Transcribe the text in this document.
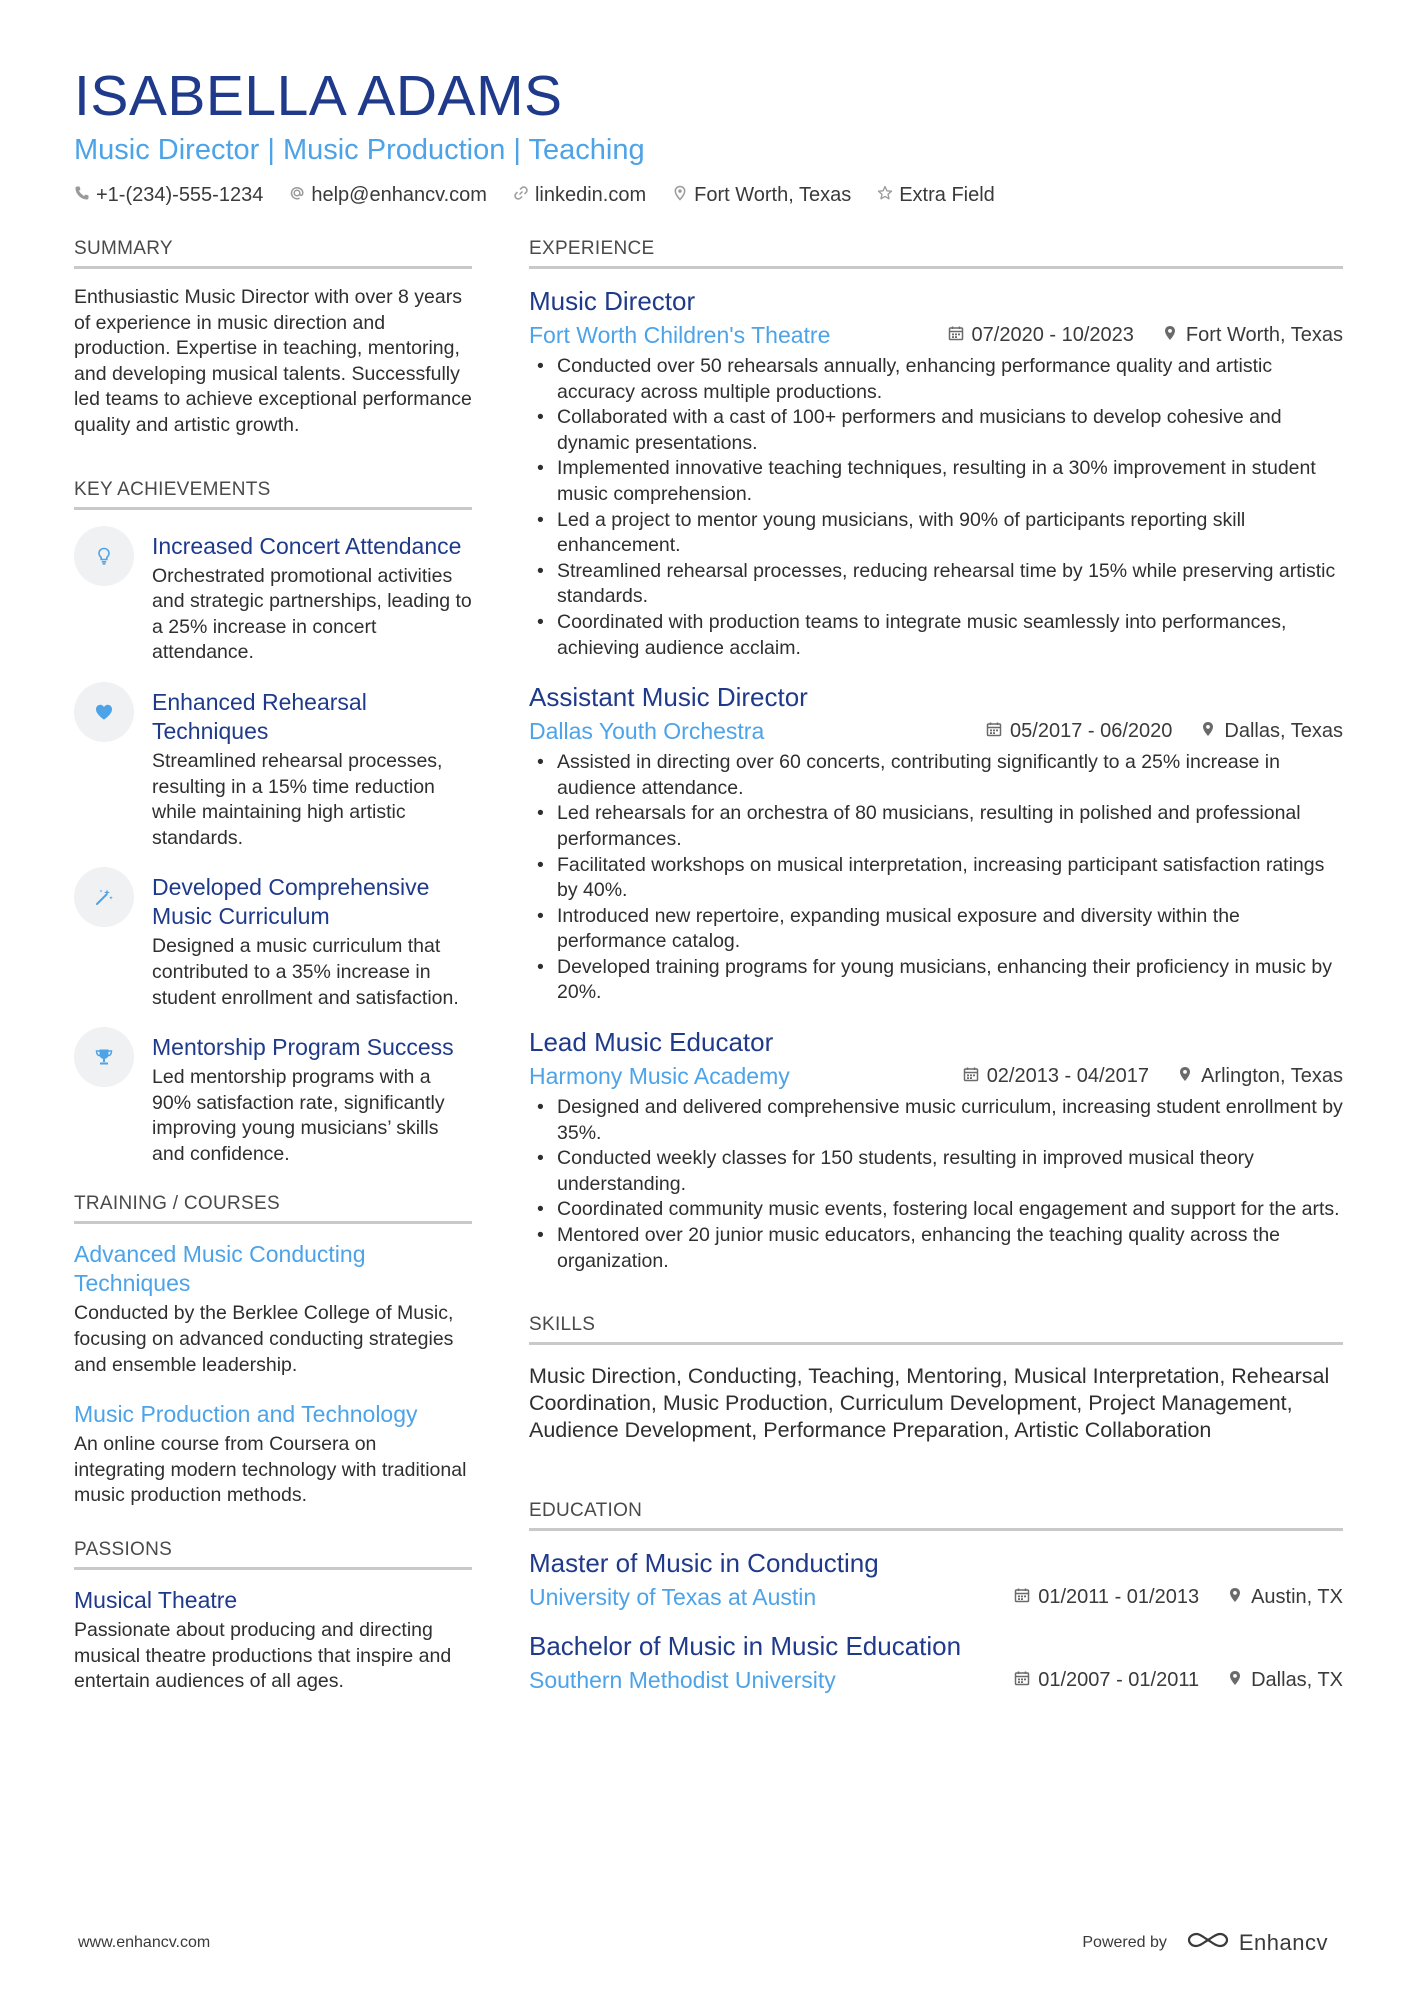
ISABELLA ADAMS
Music Director | Music Production | Teaching
+1-(234)-555-1234 help@enhancv.com linkedin.com Fort Worth, Texas Extra Field
SUMMARY
Enthusiastic Music Director with over 8 years of experience in music direction and production. Expertise in teaching, mentoring, and developing musical talents. Successfully led teams to achieve exceptional performance quality and artistic growth.
KEY ACHIEVEMENTS
Increased Concert Attendance
Orchestrated promotional activities and strategic partnerships, leading to a 25% increase in concert attendance.
Enhanced Rehearsal Techniques
Streamlined rehearsal processes, resulting in a 15% time reduction while maintaining high artistic standards.
Developed Comprehensive Music Curriculum
Designed a music curriculum that contributed to a 35% increase in student enrollment and satisfaction.
Mentorship Program Success
Led mentorship programs with a 90% satisfaction rate, significantly improving young musicians’ skills and confidence.
TRAINING / COURSES
Advanced Music Conducting Techniques
Conducted by the Berklee College of Music, focusing on advanced conducting strategies and ensemble leadership.
Music Production and Technology
An online course from Coursera on integrating modern technology with traditional music production methods.
PASSIONS
Musical Theatre
Passionate about producing and directing musical theatre productions that inspire and entertain audiences of all ages.
EXPERIENCE
Music Director
Fort Worth Children's Theatre	07/2020 - 10/2023	Fort Worth, Texas
• Conducted over 50 rehearsals annually, enhancing performance quality and artistic accuracy across multiple productions.
• Collaborated with a cast of 100+ performers and musicians to develop cohesive and dynamic presentations.
• Implemented innovative teaching techniques, resulting in a 30% improvement in student music comprehension.
• Led a project to mentor young musicians, with 90% of participants reporting skill enhancement.
• Streamlined rehearsal processes, reducing rehearsal time by 15% while preserving artistic standards.
• Coordinated with production teams to integrate music seamlessly into performances, achieving audience acclaim.
Assistant Music Director
Dallas Youth Orchestra	05/2017 - 06/2020	Dallas, Texas
• Assisted in directing over 60 concerts, contributing significantly to a 25% increase in audience attendance.
• Led rehearsals for an orchestra of 80 musicians, resulting in polished and professional performances.
• Facilitated workshops on musical interpretation, increasing participant satisfaction ratings by 40%.
• Introduced new repertoire, expanding musical exposure and diversity within the performance catalog.
• Developed training programs for young musicians, enhancing their proficiency in music by 20%.
Lead Music Educator
Harmony Music Academy	02/2013 - 04/2017	Arlington, Texas
• Designed and delivered comprehensive music curriculum, increasing student enrollment by 35%.
• Conducted weekly classes for 150 students, resulting in improved musical theory understanding.
• Coordinated community music events, fostering local engagement and support for the arts.
• Mentored over 20 junior music educators, enhancing the teaching quality across the organization.
SKILLS
Music Direction, Conducting, Teaching, Mentoring, Musical Interpretation, Rehearsal Coordination, Music Production, Curriculum Development, Project Management, Audience Development, Performance Preparation, Artistic Collaboration
EDUCATION
Master of Music in Conducting
University of Texas at Austin	01/2011 - 01/2013	Austin, TX
Bachelor of Music in Music Education
Southern Methodist University	01/2007 - 01/2011	Dallas, TX
www.enhancv.com	Powered by	Enhancv
